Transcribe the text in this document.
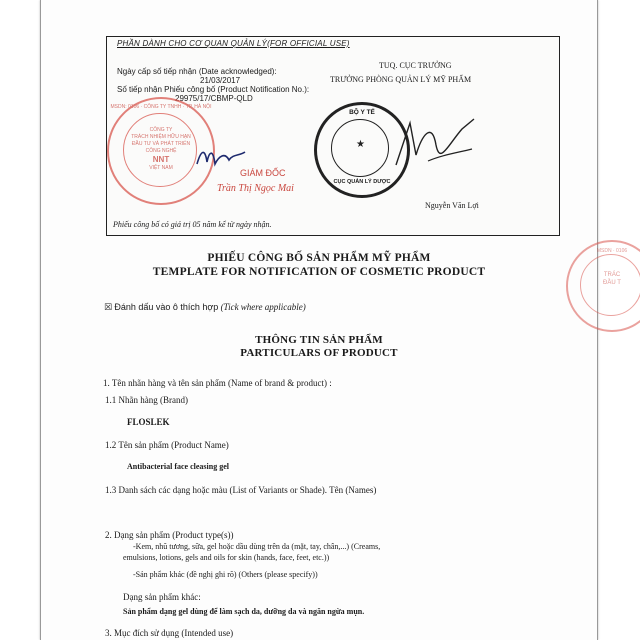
PHẦN DÀNH CHO CƠ QUAN QUẢN LÝ(FOR OFFICIAL USE)
Ngày cấp số tiếp nhận (Date acknowledged):
21/03/2017
Số tiếp nhận Phiếu công bố (Product Notification No.):
29975/17/CBMP-QLD
TUQ. CỤC TRƯỞNG
TRƯỞNG PHÒNG QUẢN LÝ MỸ PHẨM
MSDN: 0106 · CÔNG TY TNHH · TP. HÀ NỘI
CÔNG TY
TRÁCH NHIỆM HỮU HẠN
ĐẦU TƯ VÀ PHÁT TRIỂN
CÔNG NGHỆ
NNT
VIỆT NAM	GIÁM ĐỐC
Trần Thị Ngọc Mai
BỘ Y TẾ
CỤC QUẢN LÝ DƯỢC
★
Nguyễn Văn Lợi
Phiếu công bố có giá trị 05 năm kể từ ngày nhận.
PHIẾU CÔNG BỐ SẢN PHẨM MỸ PHẨM
TEMPLATE FOR NOTIFICATION OF COSMETIC PRODUCT
☒ Đánh dấu vào ô thích hợp (Tick where applicable)
THÔNG TIN SẢN PHẨM
PARTICULARS OF PRODUCT
1. Tên nhãn hàng và tên sản phẩm (Name of brand & product) :
1.1 Nhãn hàng (Brand)
FLOSLEK
1.2 Tên sản phẩm (Product Name)
Antibacterial face cleasing gel
1.3 Danh sách các dạng hoặc màu (List of Variants or Shade). Tên (Names)
2. Dạng sản phẩm (Product type(s))
-Kem, nhũ tương, sữa, gel hoặc dầu dùng trên da (mặt, tay, chân,...) (Creams,
emulsions, lotions, gels and oils for skin (hands, face, feet, etc.))
-Sản phẩm khác (đề nghị ghi rõ) (Others (please specify))
Dạng sản phẩm khác:
Sản phẩm dạng gel dùng để làm sạch da, dưỡng da và ngăn ngừa mụn.
3. Mục đích sử dụng (Intended use)
MSDN · 0106
TRÁC
ĐẦU T
